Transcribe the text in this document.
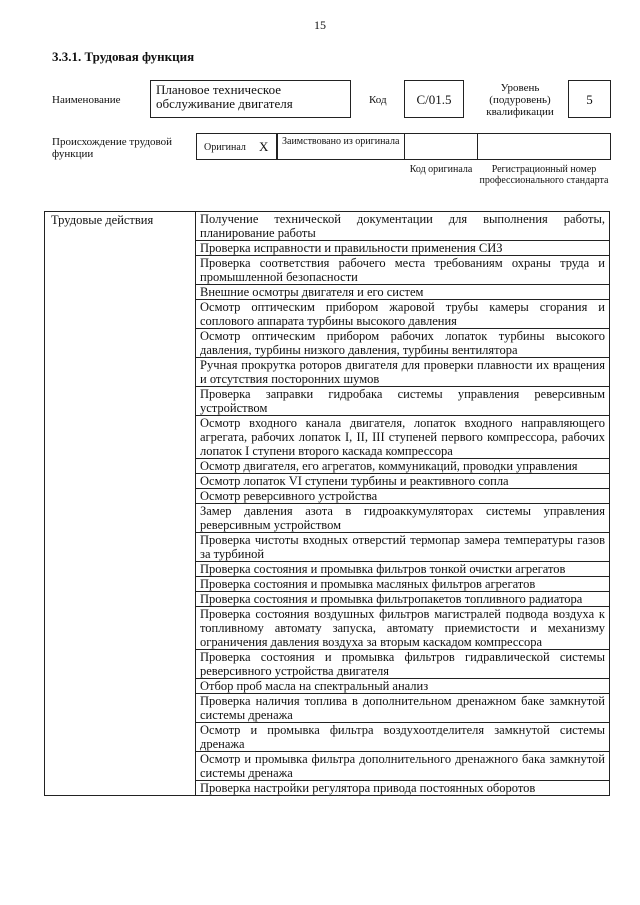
15
3.3.1. Трудовая функция
Наименование
Плановое техническое обслуживание двигателя	Код	С/01.5
Уровень (подуровень) квалификации
5
Происхождение трудовой функции
Оригинал X Заимствовано из оригинала
Код оригинала	Регистрационный номер профессионального стандарта
Трудовые действия	Получение технической документации для выполнения работы, планирование работы
Проверка исправности и правильности применения СИЗ
Проверка соответствия рабочего места требованиям охраны труда и промышленной безопасности
Внешние осмотры двигателя и его систем
Осмотр оптическим прибором жаровой трубы камеры сгорания и соплового аппарата турбины высокого давления
Осмотр оптическим прибором рабочих лопаток турбины высокого давления, турбины низкого давления, турбины вентилятора
Ручная прокрутка роторов двигателя для проверки плавности их вращения и отсутствия посторонних шумов
Проверка заправки гидробака системы управления реверсивным устройством
Осмотр входного канала двигателя, лопаток входного направляющего агрегата, рабочих лопаток I, II, III ступеней первого компрессора, рабочих лопаток I ступени второго каскада компрессора
Осмотр двигателя, его агрегатов, коммуникаций, проводки управления
Осмотр лопаток VI ступени турбины и реактивного сопла
Осмотр реверсивного устройства
Замер давления азота в гидроаккумуляторах системы управления реверсивным устройством
Проверка чистоты входных отверстий термопар замера температуры газов за турбиной
Проверка состояния и промывка фильтров тонкой очистки агрегатов
Проверка состояния и промывка масляных фильтров агрегатов
Проверка состояния и промывка фильтропакетов топливного радиатора
Проверка состояния воздушных фильтров магистралей подвода воздуха к топливному автомату запуска, автомату приемистости и механизму ограничения давления воздуха за вторым каскадом компрессора
Проверка состояния и промывка фильтров гидравлической системы реверсивного устройства двигателя
Отбор проб масла на спектральный анализ
Проверка наличия топлива в дополнительном дренажном баке замкнутой системы дренажа
Осмотр и промывка фильтра воздухоотделителя замкнутой системы дренажа
Осмотр и промывка фильтра дополнительного дренажного бака замкнутой системы дренажа
Проверка настройки регулятора привода постоянных оборотов
